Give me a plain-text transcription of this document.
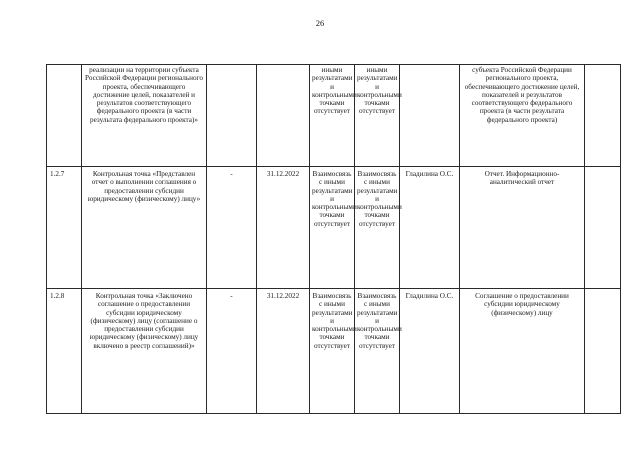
26
	реализации на территории субъекта Российской Федерации регионального проекта, обеспечивающего достижение целей, показателей и результатов соответствующего федерального проекта (в части результата федерального проекта)»			иными результатами и контрольными точками отсутствует	иными результатами и контрольными точками отсутствует		субъекта Российской Федерации регионального проекта, обеспечивающего достижение целей, показателей и результатов соответствующего федерального проекта (в части результата федерального проекта)	
1.2.7	Контрольная точка «Представлен отчет о выполнении соглашения о предоставлении субсидии юридическому (физическому) лицу»	-	31.12.2022	Взаимосвязь с иными результатами и контрольными точками отсутствует	Взаимосвязь с иными результатами и контрольными точками отсутствует	Гладилина О.С.	Отчет. Информационно-аналитический отчет	
1.2.8	Контрольная точка «Заключено соглашение о предоставлении субсидии юридическому (физическому) лицу (соглашение о предоставлении субсидии юридическому (физическому) лицу включено в реестр соглашений)»	-	31.12.2022	Взаимосвязь с иными результатами и контрольными точками отсутствует	Взаимосвязь с иными результатами и контрольными точками отсутствует	Гладилина О.С.	Соглашение о предоставлении субсидии юридическому (физическому) лицу	
